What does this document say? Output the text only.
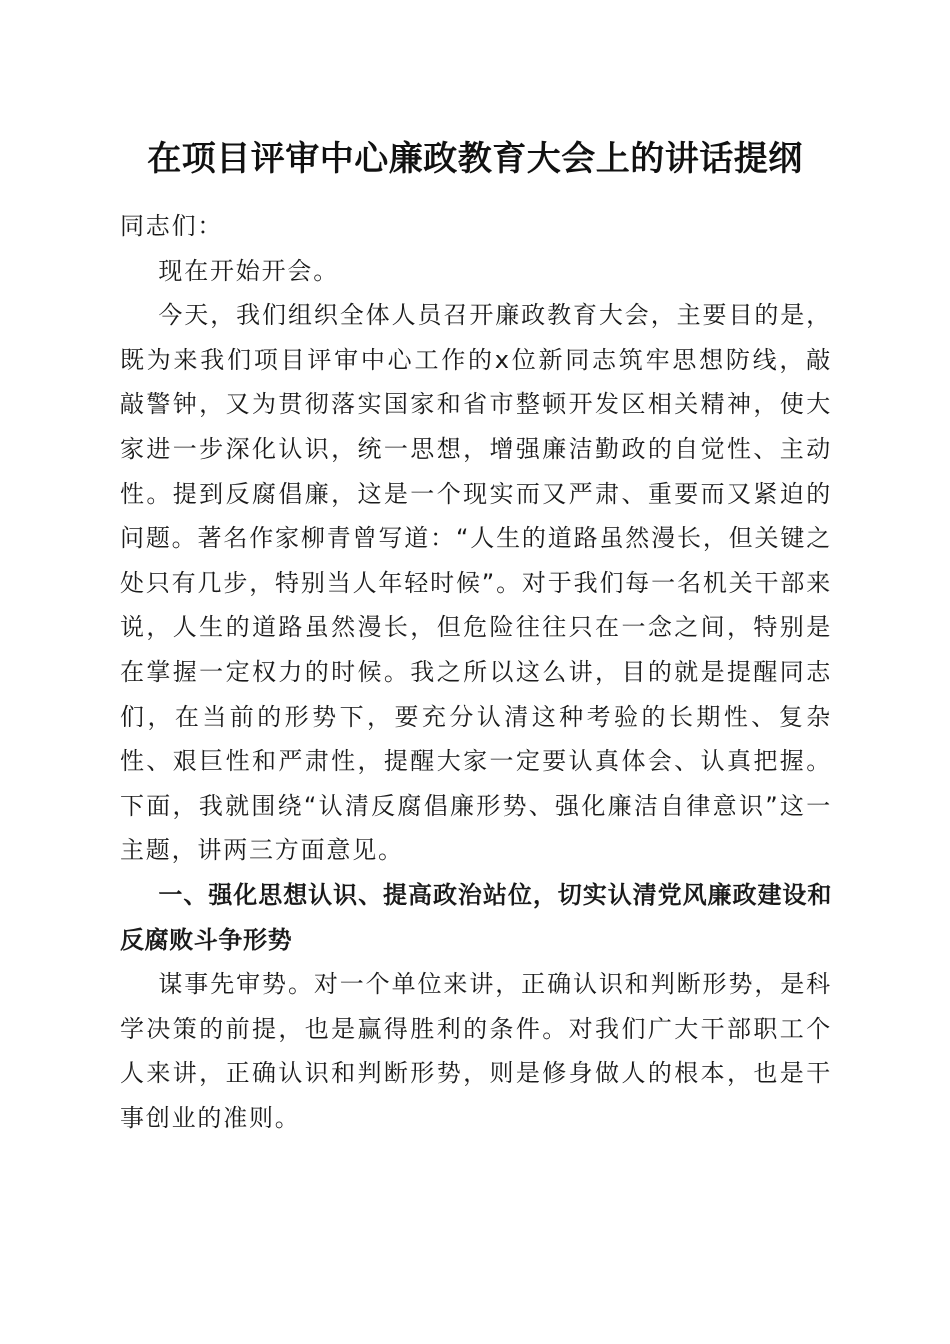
在项目评审中心廉政教育大会上的讲话提纲

同志们：

现在开始开会。

今天，我们组织全体人员召开廉政教育大会，主要目的是，既为来我们项目评审中心工作的x位新同志筑牢思想防线，敲敲警钟，又为贯彻落实国家和省市整顿开发区相关精神，使大家进一步深化认识，统一思想，增强廉洁勤政的自觉性、主动性。提到反腐倡廉，这是一个现实而又严肃、重要而又紧迫的问题。著名作家柳青曾写道：“人生的道路虽然漫长，但关键之处只有几步，特别当人年轻时候”。对于我们每一名机关干部来说，人生的道路虽然漫长，但危险往往只在一念之间，特别是在掌握一定权力的时候。我之所以这么讲，目的就是提醒同志们，在当前的形势下，要充分认清这种考验的长期性、复杂性、艰巨性和严肃性，提醒大家一定要认真体会、认真把握。下面，我就围绕“认清反腐倡廉形势、强化廉洁自律意识”这一主题，讲两三方面意见。

一、强化思想认识、提高政治站位，切实认清党风廉政建设和反腐败斗争形势

谋事先审势。对一个单位来讲，正确认识和判断形势，是科学决策的前提，也是赢得胜利的条件。对我们广大干部职工个人来讲，正确认识和判断形势，则是修身做人的根本，也是干事创业的准则。
